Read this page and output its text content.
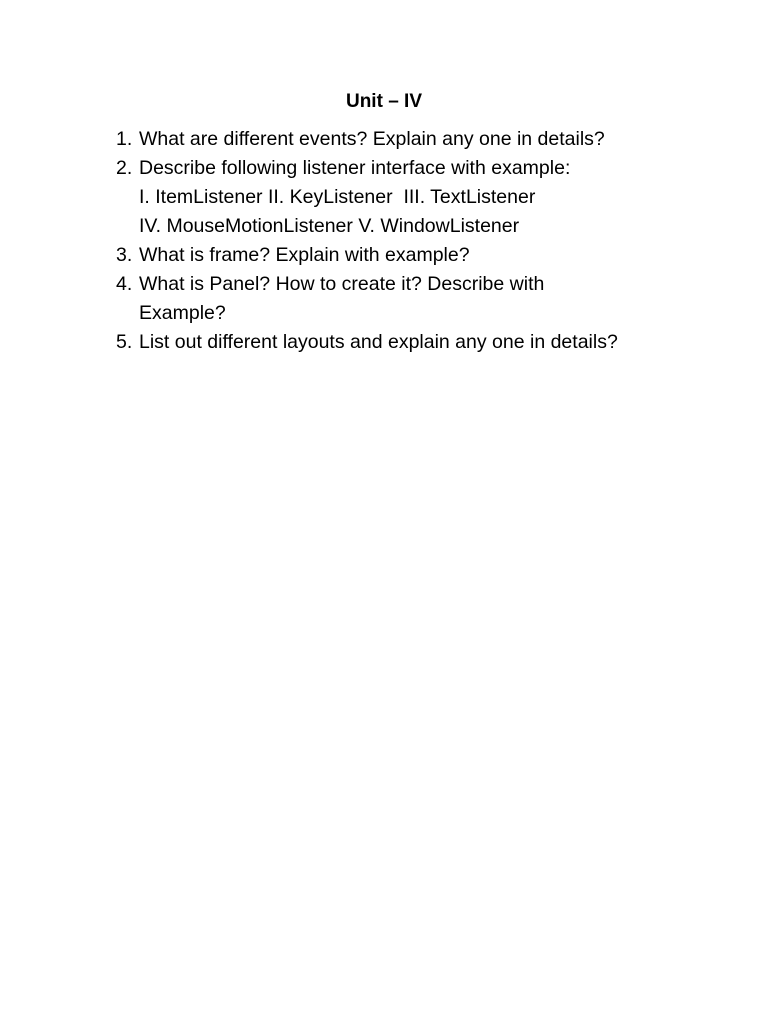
Unit – IV
1. What are different events? Explain any one in details?
2. Describe following listener interface with example:
I. ItemListener II. KeyListener  III. TextListener
IV. MouseMotionListener V. WindowListener
3. What is frame? Explain with example?
4. What is Panel? How to create it? Describe with
Example?
5. List out different layouts and explain any one in details?
